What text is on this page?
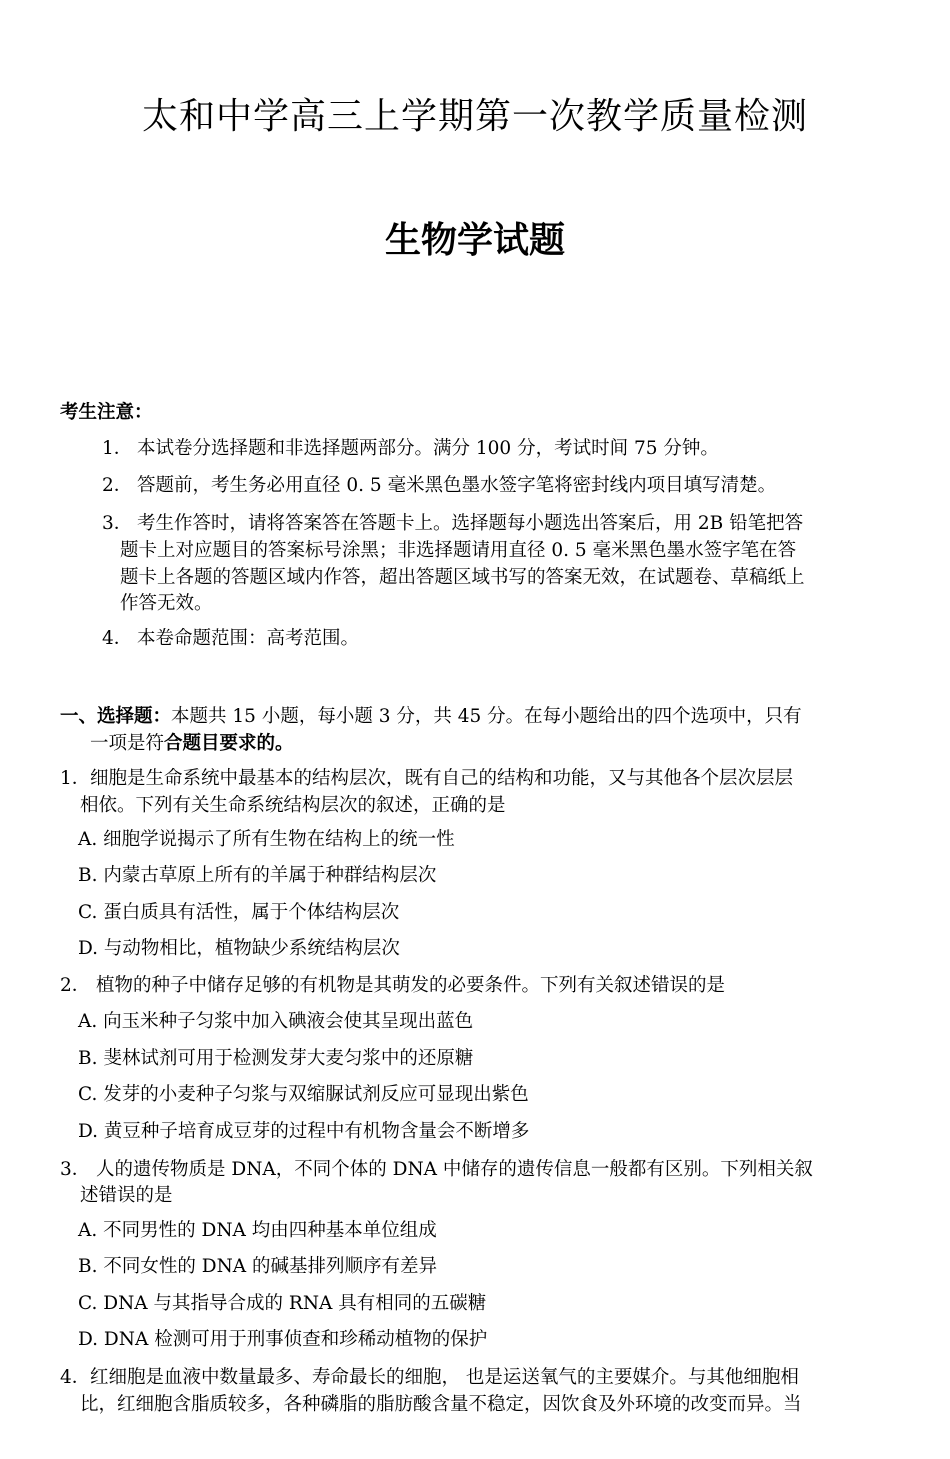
太和中学高三上学期第一次教学质量检测
生物学试题
考生注意：
1． 本试卷分选择题和非选择题两部分。满分 100 分，考试时间 75 分钟。
2． 答题前，考生务必用直径 0. 5 毫米黑色墨水签字笔将密封线内项目填写清楚。
3． 考生作答时，请将答案答在答题卡上。选择题每小题选出答案后，用 2B 铅笔把答
题卡上对应题目的答案标号涂黑；非选择题请用直径 0. 5 毫米黑色墨水签字笔在答
题卡上各题的答题区域内作答，超出答题区域书写的答案无效，在试题卷、草稿纸上
作答无效。
4． 本卷命题范围：高考范围。
一、选择题：本题共 15 小题，每小题 3 分，共 45 分。在每小题给出的四个选项中，只有
一项是符合题目要求的。
1． 细胞是生命系统中最基本的结构层次，既有自己的结构和功能，又与其他各个层次层层
相依。下列有关生命系统结构层次的叙述，正确的是
A. 细胞学说揭示了所有生物在结构上的统一性
B. 内蒙古草原上所有的羊属于种群结构层次
C. 蛋白质具有活性，属于个体结构层次
D. 与动物相比，植物缺少系统结构层次
2． 植物的种子中储存足够的有机物是其萌发的必要条件。下列有关叙述错误的是
A. 向玉米种子匀浆中加入碘液会使其呈现出蓝色
B. 斐林试剂可用于检测发芽大麦匀浆中的还原糖
C. 发芽的小麦种子匀浆与双缩脲试剂反应可显现出紫色
D. 黄豆种子培育成豆芽的过程中有机物含量会不断增多
3． 人的遗传物质是 DNA，不同个体的 DNA 中储存的遗传信息一般都有区别。下列相关叙
述错误的是
A. 不同男性的 DNA 均由四种基本单位组成
B. 不同女性的 DNA 的碱基排列顺序有差异
C. DNA 与其指导合成的 RNA 具有相同的五碳糖
D. DNA 检测可用于刑事侦查和珍稀动植物的保护
4． 红细胞是血液中数量最多、寿命最长的细胞， 也是运送氧气的主要媒介。与其他细胞相
比，红细胞含脂质较多，各种磷脂的脂肪酸含量不稳定，因饮食及外环境的改变而异。当
